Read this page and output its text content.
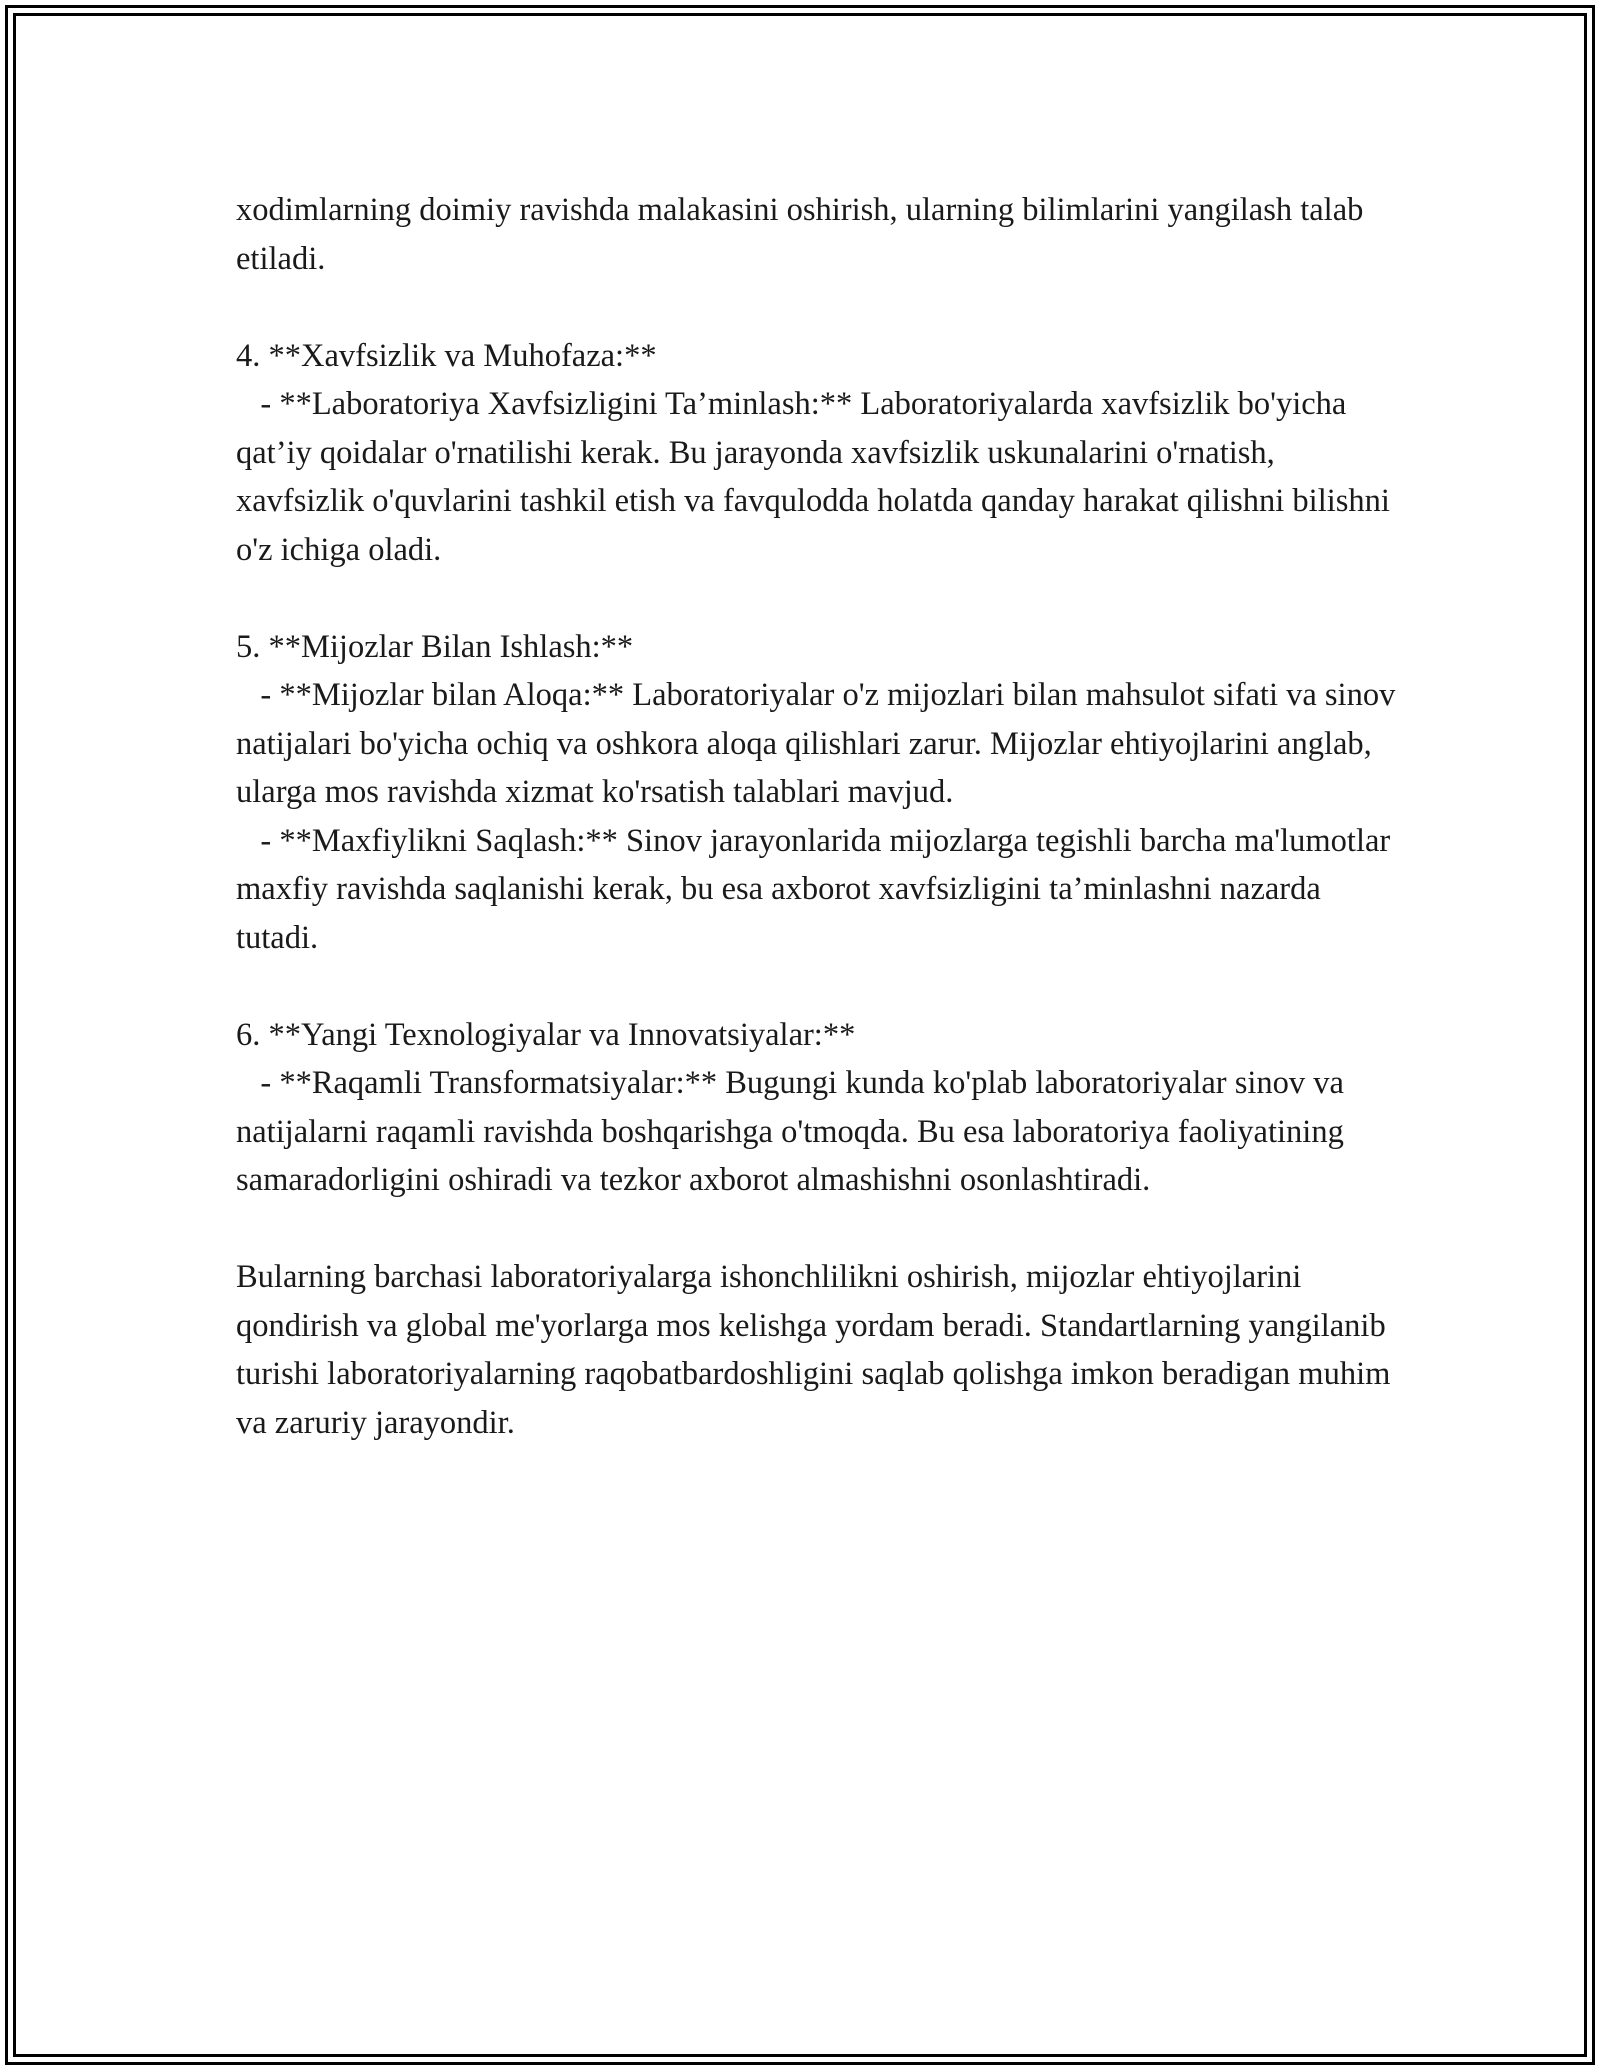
xodimlarning doimiy ravishda malakasini oshirish, ularning bilimlarini yangilash talab etiladi.

4. **Xavfsizlik va Muhofaza:**

- **Laboratoriya Xavfsizligini Ta’minlash:** Laboratoriyalarda xavfsizlik bo'yicha qat’iy qoidalar o'rnatilishi kerak. Bu jarayonda xavfsizlik uskunalarini o'rnatish, xavfsizlik o'quvlarini tashkil etish va favqulodda holatda qanday harakat qilishni bilishni o'z ichiga oladi.

5. **Mijozlar Bilan Ishlash:**

- **Mijozlar bilan Aloqa:** Laboratoriyalar o'z mijozlari bilan mahsulot sifati va sinov natijalari bo'yicha ochiq va oshkora aloqa qilishlari zarur. Mijozlar ehtiyojlarini anglab, ularga mos ravishda xizmat ko'rsatish talablari mavjud.

- **Maxfiylikni Saqlash:** Sinov jarayonlarida mijozlarga tegishli barcha ma'lumotlar maxfiy ravishda saqlanishi kerak, bu esa axborot xavfsizligini ta’minlashni nazarda tutadi.

6. **Yangi Texnologiyalar va Innovatsiyalar:**

- **Raqamli Transformatsiyalar:** Bugungi kunda ko'plab laboratoriyalar sinov va natijalarni raqamli ravishda boshqarishga o'tmoqda. Bu esa laboratoriya faoliyatining samaradorligini oshiradi va tezkor axborot almashishni osonlashtiradi.

Bularning barchasi laboratoriyalarga ishonchlilikni oshirish, mijozlar ehtiyojlarini qondirish va global me'yorlarga mos kelishga yordam beradi. Standartlarning yangilanib turishi laboratoriyalarning raqobatbardoshligini saqlab qolishga imkon beradigan muhim va zaruriy jarayondir.
